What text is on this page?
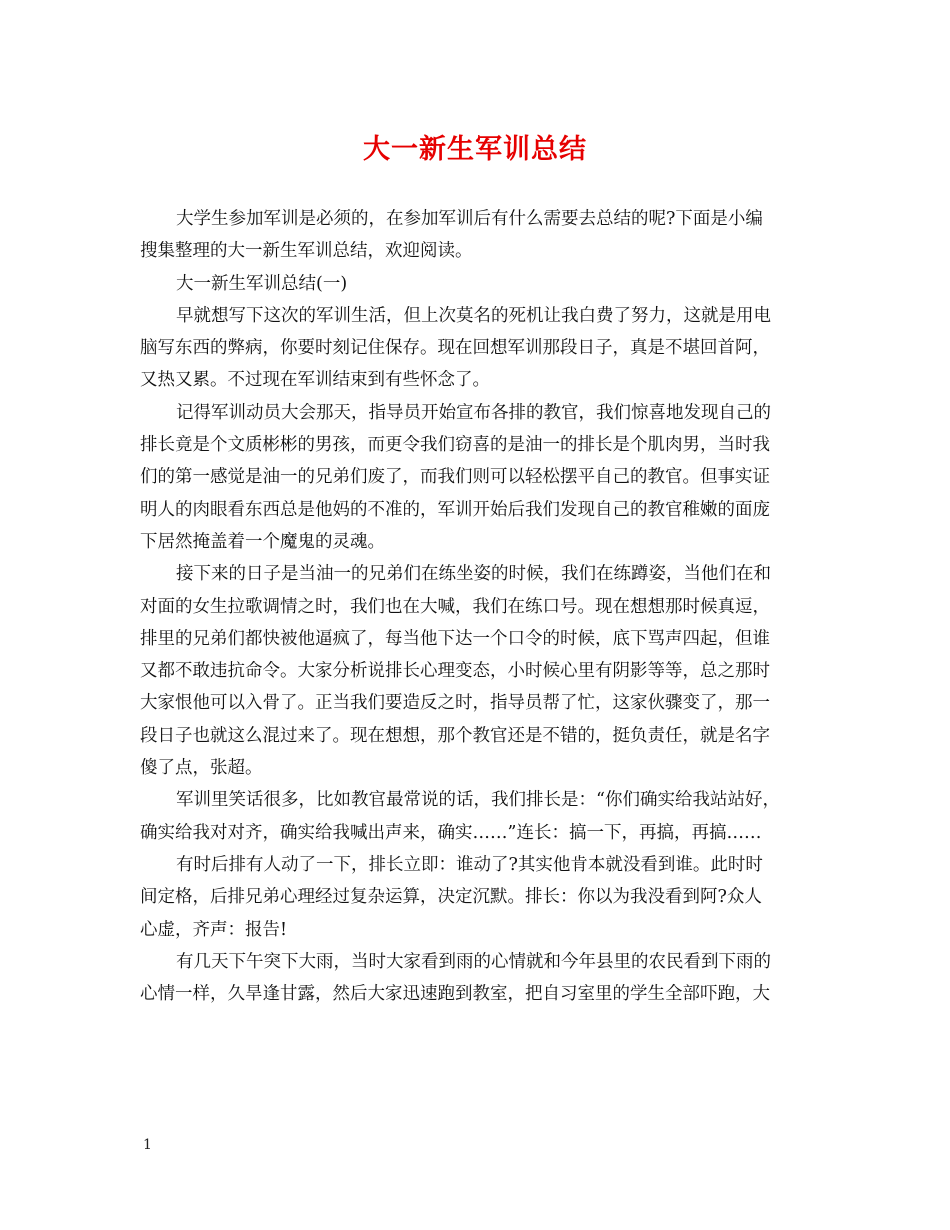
大一新生军训总结

大学生参加军训是必须的，在参加军训后有什么需要去总结的呢?下面是小编
搜集整理的大一新生军训总结，欢迎阅读。

大一新生军训总结(一)

早就想写下这次的军训生活，但上次莫名的死机让我白费了努力，这就是用电
脑写东西的弊病，你要时刻记住保存。现在回想军训那段日子，真是不堪回首阿，
又热又累。不过现在军训结束到有些怀念了。

记得军训动员大会那天，指导员开始宣布各排的教官，我们惊喜地发现自己的
排长竟是个文质彬彬的男孩，而更令我们窃喜的是油一的排长是个肌肉男，当时我
们的第一感觉是油一的兄弟们废了，而我们则可以轻松摆平自己的教官。但事实证
明人的肉眼看东西总是他妈的不准的，军训开始后我们发现自己的教官稚嫩的面庞
下居然掩盖着一个魔鬼的灵魂。

接下来的日子是当油一的兄弟们在练坐姿的时候，我们在练蹲姿，当他们在和
对面的女生拉歌调情之时，我们也在大喊，我们在练口号。现在想想那时候真逗，
排里的兄弟们都快被他逼疯了，每当他下达一个口令的时候，底下骂声四起，但谁
又都不敢违抗命令。大家分析说排长心理变态，小时候心里有阴影等等，总之那时
大家恨他可以入骨了。正当我们要造反之时，指导员帮了忙，这家伙骤变了，那一
段日子也就这么混过来了。现在想想，那个教官还是不错的，挺负责任，就是名字
傻了点，张超。

军训里笑话很多，比如教官最常说的话，我们排长是：“你们确实给我站站好，
确实给我对对齐，确实给我喊出声来，确实……”连长：搞一下，再搞，再搞……

有时后排有人动了一下，排长立即：谁动了?其实他肯本就没看到谁。此时时
间定格，后排兄弟心理经过复杂运算，决定沉默。排长：你以为我没看到阿?众人
心虚，齐声：报告!

有几天下午突下大雨，当时大家看到雨的心情就和今年县里的农民看到下雨的
心情一样，久旱逢甘露，然后大家迅速跑到教室，把自习室里的学生全部吓跑，大

1
